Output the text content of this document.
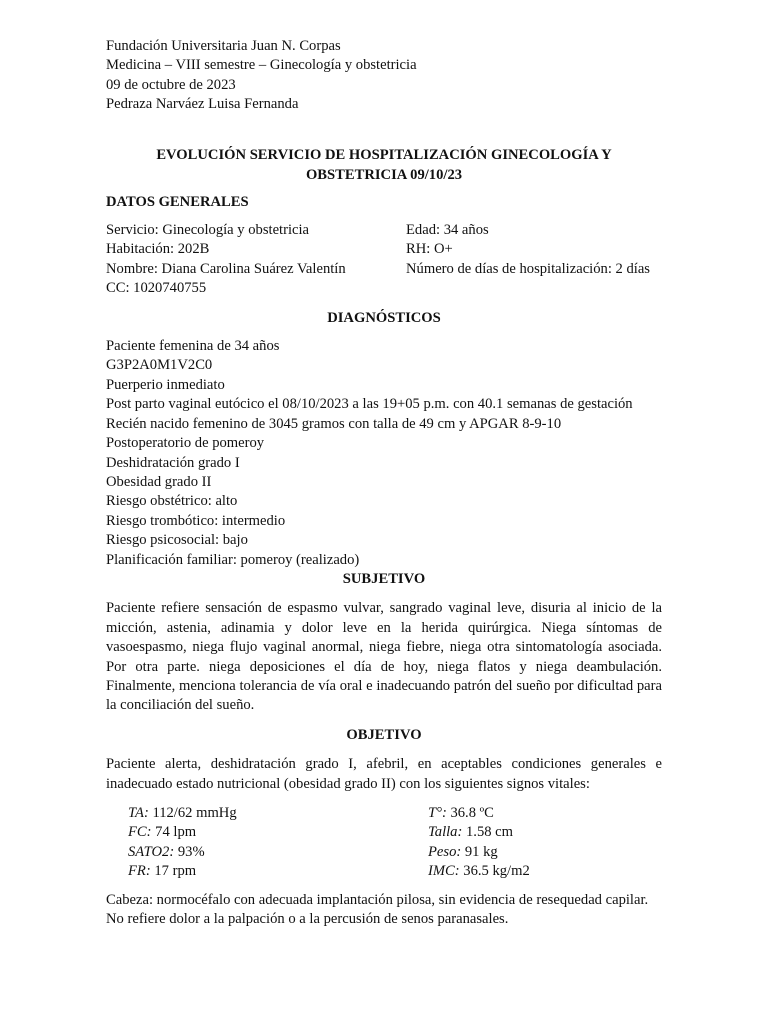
Fundación Universitaria Juan N. Corpas
Medicina – VIII semestre – Ginecología y obstetricia
09 de octubre de 2023
Pedraza Narváez Luisa Fernanda
EVOLUCIÓN SERVICIO DE HOSPITALIZACIÓN GINECOLOGÍA Y OBSTETRICIA 09/10/23
DATOS GENERALES
Servicio: Ginecología y obstetricia	Edad: 34 años
Habitación: 202B	RH: O+
Nombre: Diana Carolina Suárez Valentín	Número de días de hospitalización: 2 días
CC: 1020740755
DIAGNÓSTICOS
Paciente femenina de 34 años
G3P2A0M1V2C0
Puerperio inmediato
Post parto vaginal eutócico el 08/10/2023 a las 19+05 p.m. con 40.1 semanas de gestación
Recién nacido femenino de 3045 gramos con talla de 49 cm y APGAR 8-9-10
Postoperatorio de pomeroy
Deshidratación grado I
Obesidad grado II
Riesgo obstétrico: alto
Riesgo trombótico: intermedio
Riesgo psicosocial: bajo
Planificación familiar: pomeroy (realizado)
SUBJETIVO
Paciente refiere sensación de espasmo vulvar, sangrado vaginal leve, disuria al inicio de la micción, astenia, adinamia y dolor leve en la herida quirúrgica. Niega síntomas de vasoespasmo, niega flujo vaginal anormal, niega fiebre, niega otra sintomatología asociada. Por otra parte. niega deposiciones el día de hoy, niega flatos y niega deambulación. Finalmente, menciona tolerancia de vía oral e inadecuando patrón del sueño por dificultad para la conciliación del sueño.
OBJETIVO
Paciente alerta, deshidratación grado I, afebril, en aceptables condiciones generales e inadecuado estado nutricional (obesidad grado II) con los siguientes signos vitales:
TA: 112/62 mmHg	T°: 36.8 ºC
FC: 74 lpm	Talla: 1.58 cm
SATO2: 93%	Peso: 91 kg
FR: 17 rpm	IMC: 36.5 kg/m2
Cabeza: normocéfalo con adecuada implantación pilosa, sin evidencia de resequedad capilar. No refiere dolor a la palpación o a la percusión de senos paranasales.
